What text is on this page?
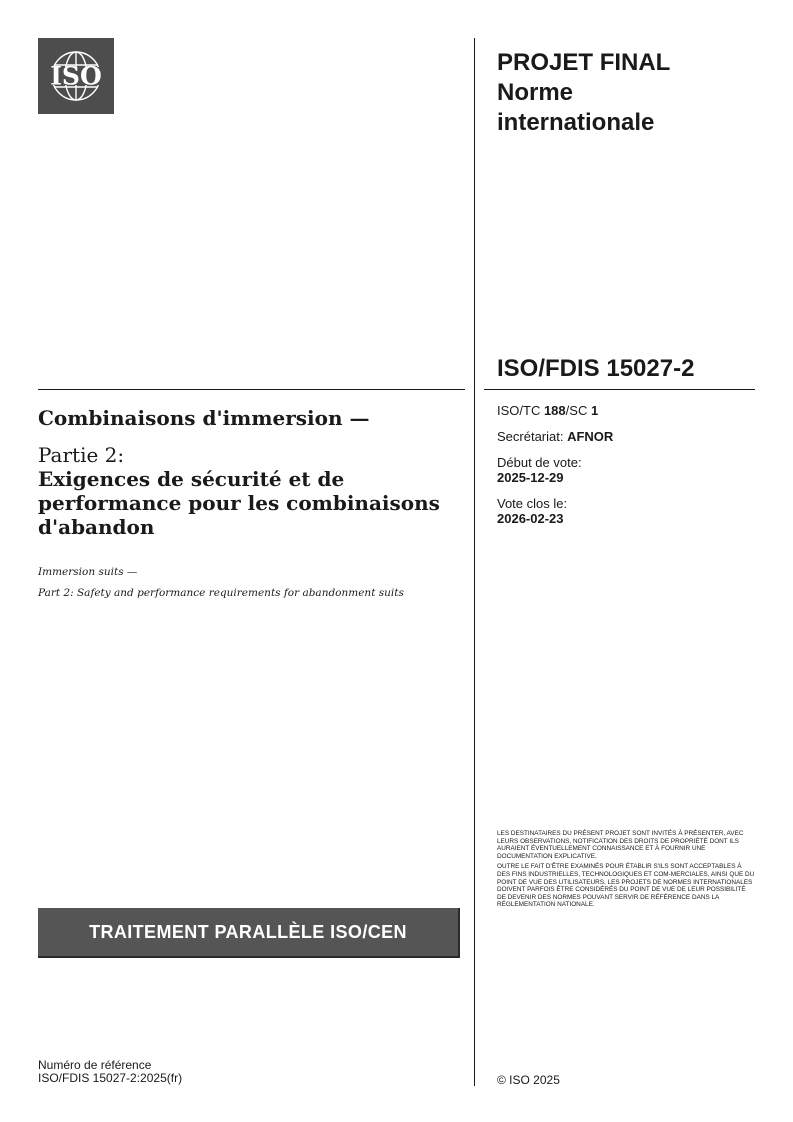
ISO	PROJET FINAL
Norme
internationale
ISO/FDIS 15027-2
Combinaisons d'immersion —
Partie 2:
Exigences de sécurité et de performance pour les combinaisons d'abandon
Immersion suits —
Part 2: Safety and performance requirements for abandonment suits
ISO/TC 188/SC 1
Secrétariat: AFNOR
Début de vote:
2025-12-29
Vote clos le:
2026-02-23
TRAITEMENT PARALLÈLE ISO/CEN

LES DESTINATAIRES DU PRÉSENT PROJET SONT INVITÉS À PRÉSENTER, AVEC LEURS OBSERVATIONS, NOTIFICATION DES DROITS DE PROPRIÉTÉ DONT ILS AURAIENT ÉVENTUELLEMENT CONNAISSANCE ET À FOURNIR UNE DOCUMENTATION EXPLICATIVE.

OUTRE LE FAIT D'ÊTRE EXAMINÉS POUR ÉTABLIR S'ILS SONT ACCEPTABLES À DES FINS INDUSTRIELLES, TECHNOLOGIQUES ET COM-MERCIALES, AINSI QUE DU POINT DE VUE DES UTILISATEURS, LES PROJETS DE NORMES INTERNATIONALES DOIVENT PARFOIS ÊTRE CONSIDÉRÉS DU POINT DE VUE DE LEUR POSSIBILITÉ DE DEVENIR DES NORMES POUVANT SERVIR DE RÉFÉRENCE DANS LA RÉGLEMENTATION NATIONALE.

Numéro de référence
ISO/FDIS 15027-2:2025(fr)	© ISO 2025
